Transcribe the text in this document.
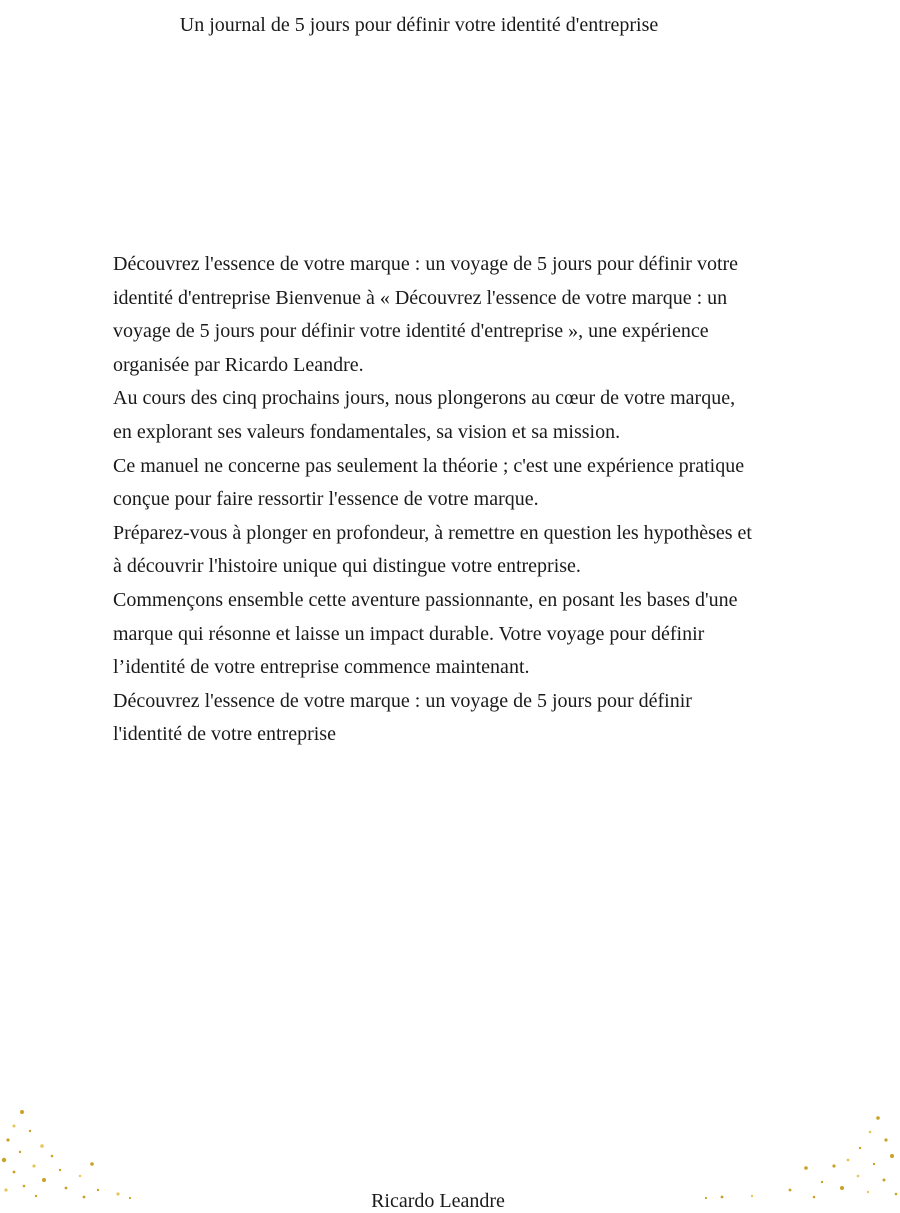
Un journal de 5 jours pour définir votre identité d'entreprise

Découvrez l'essence de votre marque : un voyage de 5 jours pour définir votre identité d'entreprise Bienvenue à « Découvrez l'essence de votre marque : un voyage de 5 jours pour définir votre identité d'entreprise », une expérience organisée par Ricardo Leandre.

Au cours des cinq prochains jours, nous plongerons au cœur de votre marque, en explorant ses valeurs fondamentales, sa vision et sa mission.

Ce manuel ne concerne pas seulement la théorie ; c'est une expérience pratique conçue pour faire ressortir l'essence de votre marque.

Préparez-vous à plonger en profondeur, à remettre en question les hypothèses et à découvrir l'histoire unique qui distingue votre entreprise.

Commençons ensemble cette aventure passionnante, en posant les bases d'une marque qui résonne et laisse un impact durable. Votre voyage pour définir l’identité de votre entreprise commence maintenant.

Découvrez l'essence de votre marque : un voyage de 5 jours pour définir l'identité de votre entreprise

Ricardo Leandre
